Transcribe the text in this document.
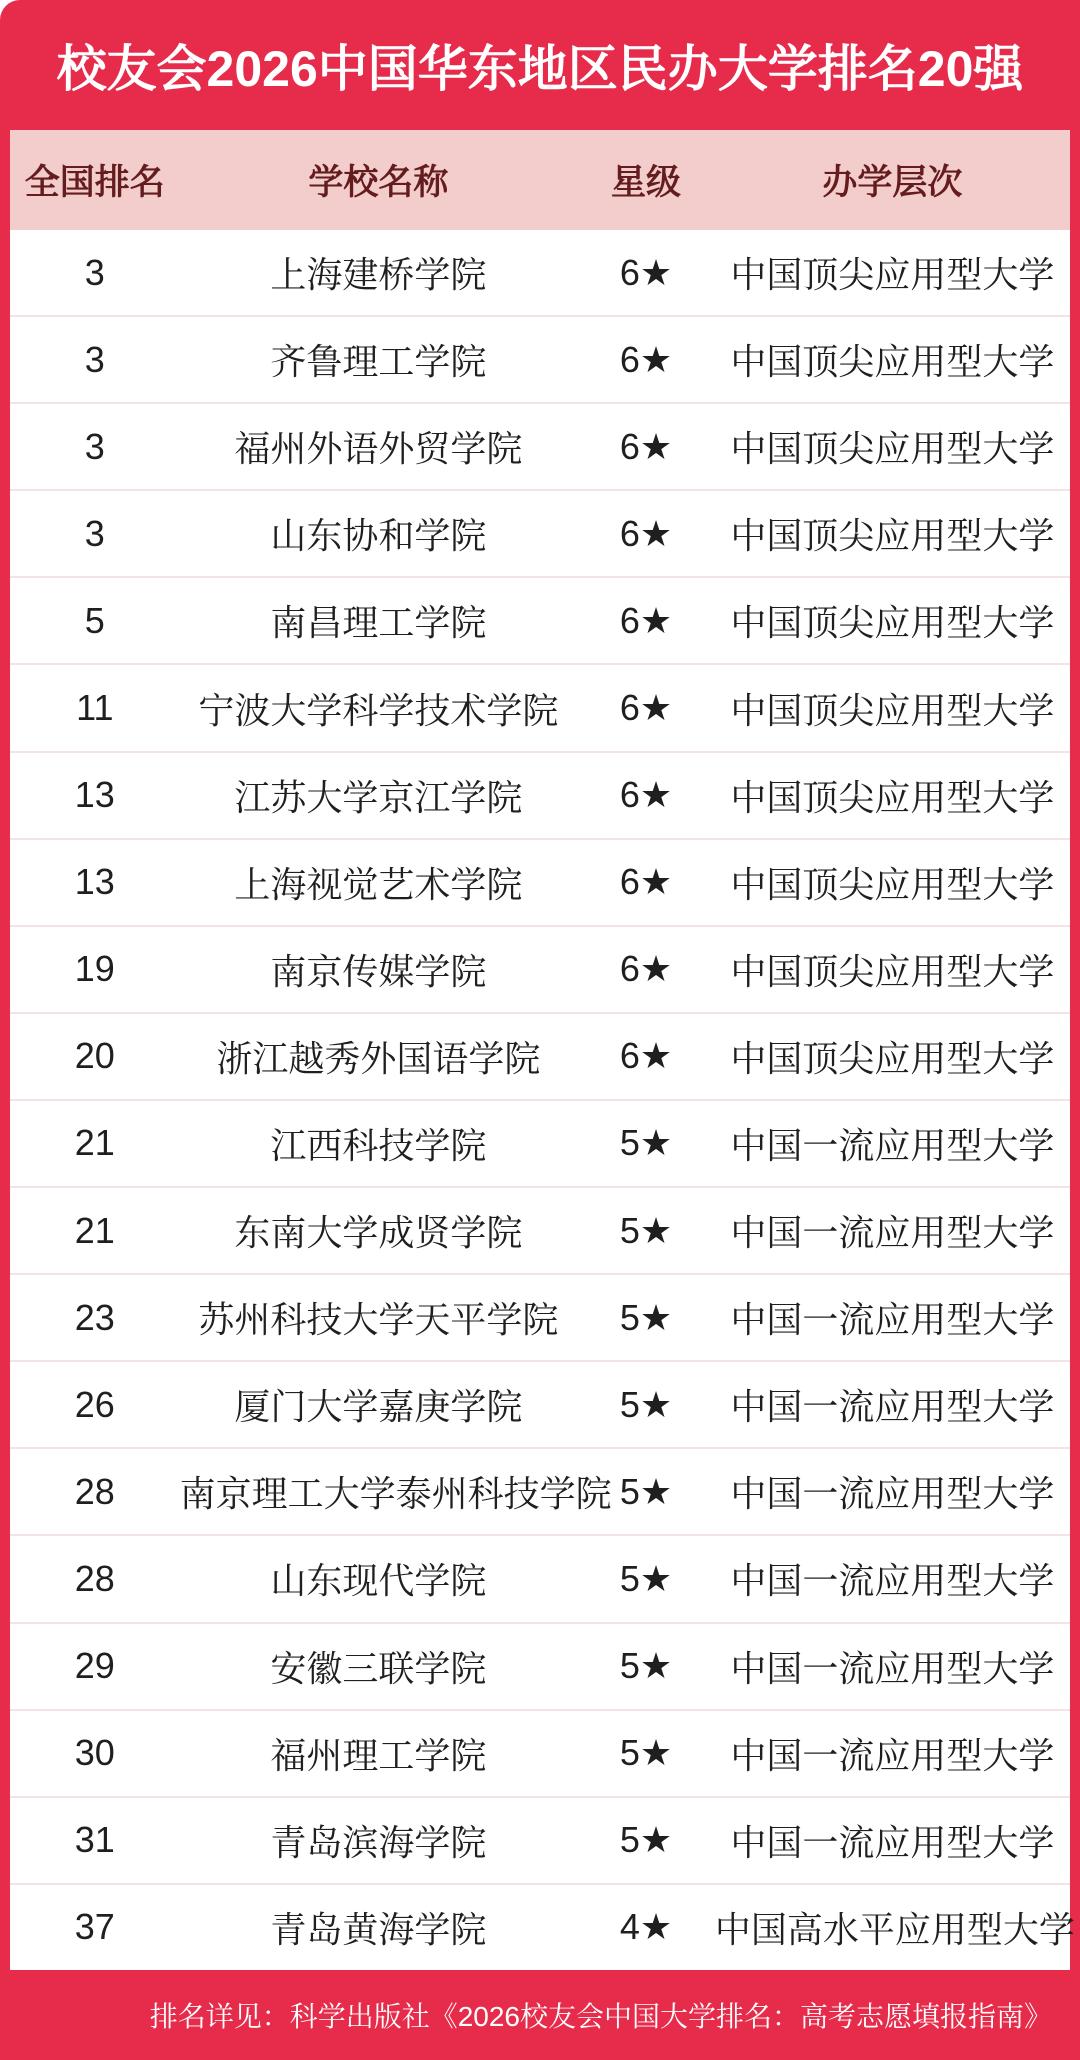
校友会2026中国华东地区民办大学排名20强
全国排名	学校名称	星级	办学层次
3	上海建桥学院	6★	中国顶尖应用型大学
3	齐鲁理工学院	6★	中国顶尖应用型大学
3	福州外语外贸学院	6★	中国顶尖应用型大学
3	山东协和学院	6★	中国顶尖应用型大学
5	南昌理工学院	6★	中国顶尖应用型大学
11	宁波大学科学技术学院	6★	中国顶尖应用型大学
13	江苏大学京江学院	6★	中国顶尖应用型大学
13	上海视觉艺术学院	6★	中国顶尖应用型大学
19	南京传媒学院	6★	中国顶尖应用型大学
20	浙江越秀外国语学院	6★	中国顶尖应用型大学
21	江西科技学院	5★	中国一流应用型大学
21	东南大学成贤学院	5★	中国一流应用型大学
23	苏州科技大学天平学院	5★	中国一流应用型大学
26	厦门大学嘉庚学院	5★	中国一流应用型大学
28	南京理工大学泰州科技学院 5★	中国一流应用型大学
28	山东现代学院	5★	中国一流应用型大学
29	安徽三联学院	5★	中国一流应用型大学
30	福州理工学院	5★	中国一流应用型大学
31	青岛滨海学院	5★	中国一流应用型大学
37	青岛黄海学院	4★	中国高水平应用型大学
排名详见：科学出版社《2026校友会中国大学排名：高考志愿填报指南》
